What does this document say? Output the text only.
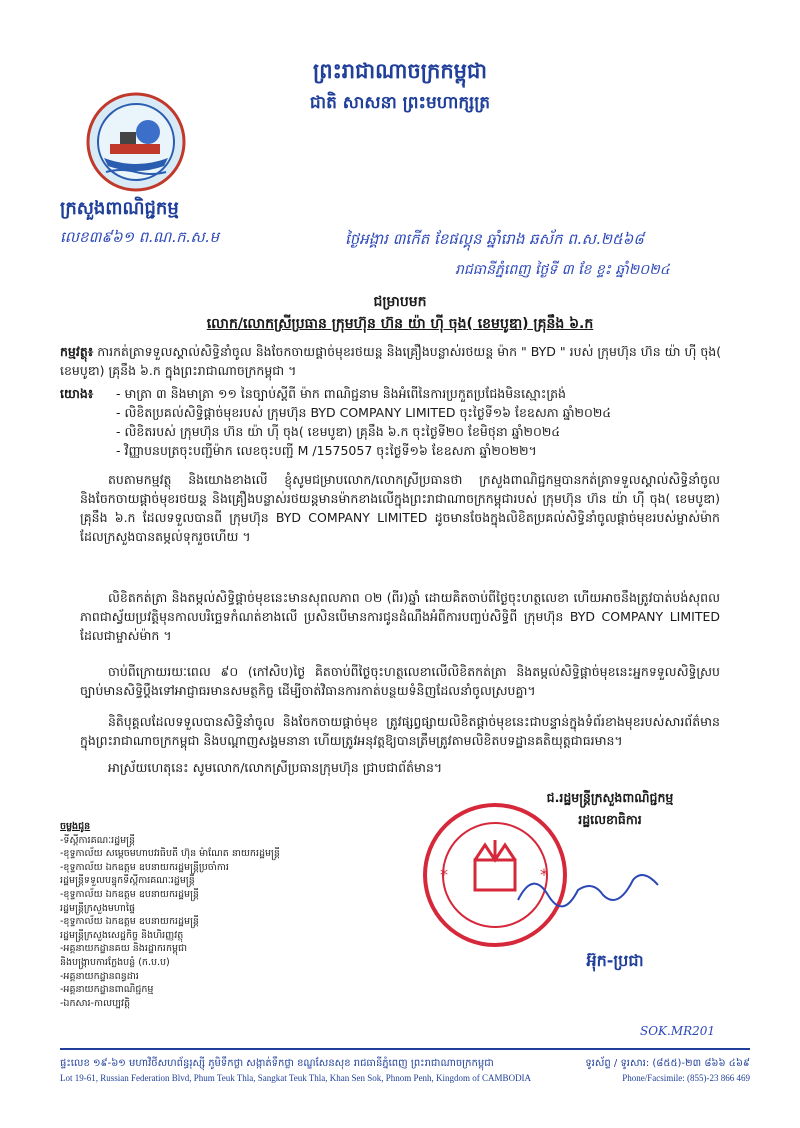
ព្រះរាជាណាចក្រកម្ពុជា
ជាតិ សាសនា ព្រះមហាក្សត្រ
ក្រសួងពាណិជ្ជកម្ម
លេខ៣៩៦១ ព.ណ.ក.ស.ម	ថ្ងៃអង្គារ ៣កើត ខែផល្គុន ឆ្នាំរោង ឆស័ក ព.ស.២៥៦៨
រាជធានីភ្នំពេញ ថ្ងៃទី ៣ ខែ ខ្ទះ ឆ្នាំ២០២៤
ជម្រាបមក
លោក/លោកស្រីប្រធាន ក្រុមហ៊ុន ហ៊ន យ៉ា ហ៊ី ចុង( ខេមបូឌា) គ្រុនឹង ៦.ក
កម្មវត្ថុ៖ ការកត់ត្រាទទួលស្គាល់សិទ្ធិនាំចូល និងចែកចាយផ្តាច់មុខរថយន្ត និងគ្រឿងបន្លាស់រថយន្ត ម៉ាក " BYD " របស់ ក្រុមហ៊ុន ហ៊ន យ៉ា ហ៊ី ចុង( ខេមបូឌា) គ្រុនឹង ៦.ក ក្នុងព្រះរាជាណាចក្រកម្ពុជា ។
យោង៖	- មាត្រា ៣ និងមាត្រា ១១ នៃច្បាប់ស្តីពី ម៉ាក ពាណិជ្ជនាម និងអំពើនៃការប្រកួតប្រជែងមិនស្មោះត្រង់
- លិខិតប្រគល់សិទ្ធិផ្តាច់មុខរបស់ ក្រុមហ៊ុន BYD COMPANY LIMITED ចុះថ្ងៃទី១៦ ខែឧសភា ឆ្នាំ២០២៤
- លិខិតរបស់ ក្រុមហ៊ុន ហ៊ន យ៉ា ហ៊ី ចុង( ខេមបូឌា) គ្រុនឹង ៦.ក ចុះថ្ងៃទី២០ ខែមិថុនា ឆ្នាំ២០២៤
- វិញ្ញាបនបត្រចុះបញ្ជីម៉ាក លេខចុះបញ្ជី M /1575057 ចុះថ្ងៃទី១៦ ខែឧសភា ឆ្នាំ២០២២។
តបតាមកម្មវត្ថុ និងយោងខាងលើ ខ្ញុំសូមជម្រាបលោក/លោកស្រីប្រធានថា ក្រសួងពាណិជ្ជកម្មបានកត់ត្រាទទួលស្គាល់សិទ្ធិនាំចូល និងចែកចាយផ្តាច់មុខរថយន្ត និងគ្រឿងបន្លាស់រថយន្តមានម៉ាកខាងលើក្នុងព្រះរាជាណាចក្រកម្ពុជារបស់ ក្រុមហ៊ុន ហ៊ន យ៉ា ហ៊ី ចុង( ខេមបូឌា) គ្រុនឹង ៦.ក ដែលទទួលបានពី ក្រុមហ៊ុន BYD COMPANY LIMITED ដូចមានចែងក្នុងលិខិតប្រគល់សិទ្ធិនាំចូលផ្តាច់មុខរបស់ម្ចាស់ម៉ាកដែលក្រសួងបានតម្កល់ទុករួចហើយ ។
លិខិតកត់ត្រា និងតម្កល់សិទ្ធិផ្តាច់មុខនេះមានសុពលភាព ០២ (ពីរ)ឆ្នាំ ដោយគិតចាប់ពីថ្ងៃចុះហត្ថលេខា ហើយអាចនឹងត្រូវបាត់បង់សុពលភាពជាស្វ័យប្រវត្តិមុនកាលបរិច្ឆេទកំណត់ខាងលើ ប្រសិនបើមានការជូនដំណឹងអំពីការបញ្ចប់សិទ្ធិពី ក្រុមហ៊ុន BYD COMPANY LIMITED ដែលជាម្ចាស់ម៉ាក ។
ចាប់ពីក្រោយរយៈពេល ៩០ (កៅសិប)ថ្ងៃ គិតចាប់ពីថ្ងៃចុះហត្ថលេខាលើលិខិតកត់ត្រា និងតម្កល់សិទ្ធិផ្តាច់មុខនេះអ្នកទទួលសិទ្ធិស្របច្បាប់មានសិទ្ធិប្តឹងទៅអាជ្ញាធរមានសមត្ថកិច្ច ដើម្បីចាត់វិធានការកាត់បន្ថយទំនិញដែលនាំចូលស្របគ្នា។
និតិបុគ្គលដែលទទួលបានសិទ្ធិនាំចូល និងចែកចាយផ្តាច់មុខ ត្រូវផ្សព្វផ្សាយលិខិតផ្តាច់មុខនេះជាបន្ទាន់ក្នុងទំព័រខាងមុខរបស់សារព័ត៌មានក្នុងព្រះរាជាណាចក្រកម្ពុជា និងបណ្តាញសង្គមនានា ហើយត្រូវអនុវត្តឱ្យបានត្រឹមត្រូវតាមលិខិតបទដ្ឋានគតិយុត្តជាធរមាន។
អាស្រ័យហេតុនេះ សូមលោក/លោកស្រីប្រធានក្រុមហ៊ុន ជ្រាបជាព័ត៌មាន។
ជ.រដ្ឋមន្ត្រីក្រសួងពាណិជ្ជកម្ម
រដ្ឋលេខាធិការ
*	*
អ៊ុក-ប្រជា
ចម្លងជូន
-ទីស្តីការគណៈរដ្ឋមន្ត្រី
-ខុទ្ទកាល័យ សម្តេចមហាបវរធិបតី ហ៊ុន ម៉ាណែត នាយករដ្ឋមន្ត្រី
-ខុទ្ទកាល័យ ឯកឧត្តម ឧបនាយករដ្ឋមន្ត្រីប្រចាំការ
រដ្ឋមន្ត្រីទទួលបន្ទុកទីស្តីការគណៈរដ្ឋមន្ត្រី
-ខុទ្ទកាល័យ ឯកឧត្តម ឧបនាយករដ្ឋមន្ត្រី
រដ្ឋមន្ត្រីក្រសួងមហាផ្ទៃ
-ខុទ្ទកាល័យ ឯកឧត្តម ឧបនាយករដ្ឋមន្ត្រី
រដ្ឋមន្ត្រីក្រសួងសេដ្ឋកិច្ច និងហិរញ្ញវត្ថុ
-អគ្គនាយកដ្ឋានគយ និងរដ្ឋាករកម្ពុជា
និងបង្ក្រាបការក្លែងបន្លំ (ក.ប.ប)
-អគ្គនាយកដ្ឋានពន្ធដារ
-អគ្គនាយកដ្ឋានពាណិជ្ជកម្ម
-ឯកសារ-កាលប្បវត្តិ
SOK.MR201
ផ្ទះលេខ ១៩-៦១ មហាវិថីសហព័ន្ធរុស្ស៊ី ភូមិទឹកថ្លា សង្កាត់ទឹកថ្លា ខណ្ឌសែនសុខ រាជធានីភ្នំពេញ ព្រះរាជាណាចក្រកម្ពុជា	ទូរស័ព្ទ / ទូរសារ: (៨៥៥)-២៣ ៨៦៦ ៤៦៩
Lot 19-61, Russian Federation Blvd, Phum Teuk Thla, Sangkat Teuk Thla, Khan Sen Sok, Phnom Penh, Kingdom of CAMBODIA	Phone/Facsimile: (855)-23 866 469
